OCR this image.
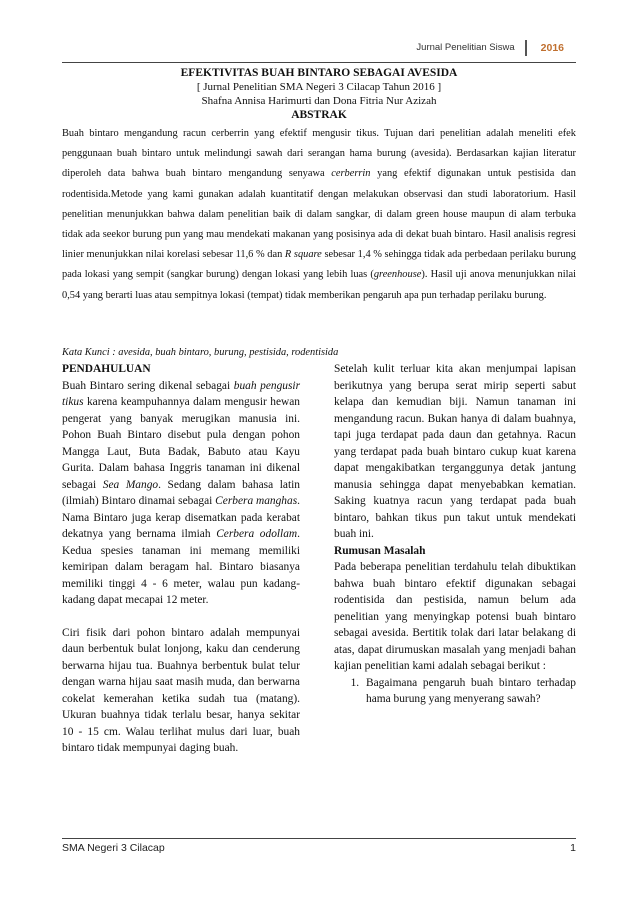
Jurnal Penelitian Siswa	2016
EFEKTIVITAS BUAH BINTARO SEBAGAI AVESIDA
[ Jurnal Penelitian SMA Negeri 3 Cilacap Tahun 2016 ]
Shafna Annisa Harimurti dan Dona Fitria Nur Azizah
ABSTRAK
Buah bintaro mengandung racun cerberrin yang efektif mengusir tikus. Tujuan dari penelitian adalah meneliti efek penggunaan buah bintaro untuk melindungi sawah dari serangan hama burung (avesida). Berdasarkan kajian literatur diperoleh data bahwa buah bintaro mengandung senyawa cerberrin yang efektif digunakan untuk pestisida dan rodentisida.Metode yang kami gunakan adalah kuantitatif dengan melakukan observasi dan studi laboratorium. Hasil penelitian menunjukkan bahwa dalam penelitian baik di dalam sangkar, di dalam green house maupun di alam terbuka tidak ada seekor burung pun yang mau mendekati makanan yang posisinya ada di dekat buah bintaro. Hasil analisis regresi linier menunjukkan nilai korelasi sebesar 11,6 % dan R square sebesar 1,4 % sehingga tidak ada perbedaan perilaku burung pada lokasi yang sempit (sangkar burung) dengan lokasi yang lebih luas (greenhouse). Hasil uji anova menunjukkan nilai 0,54 yang berarti luas atau sempitnya lokasi (tempat) tidak memberikan pengaruh apa pun terhadap perilaku burung.
Kata Kunci : avesida, buah bintaro, burung, pestisida, rodentisida
PENDAHULUAN

Buah Bintaro sering dikenal sebagai buah pengusir tikus karena keampuhannya dalam mengusir hewan pengerat yang banyak merugikan manusia ini. Pohon Buah Bintaro disebut pula dengan pohon Mangga Laut, Buta Badak, Babuto atau Kayu Gurita. Dalam bahasa Inggris tanaman ini dikenal sebagai Sea Mango. Sedang dalam bahasa latin (ilmiah) Bintaro dinamai sebagai Cerbera manghas. Nama Bintaro juga kerap disematkan pada kerabat dekatnya yang bernama ilmiah Cerbera odollam. Kedua spesies tanaman ini memang memiliki kemiripan dalam beragam hal. Bintaro biasanya memiliki tinggi 4 - 6 meter, walau pun kadang-kadang dapat mecapai 12 meter.

Ciri fisik dari pohon bintaro adalah mempunyai daun berbentuk bulat lonjong, kaku dan cenderung berwarna hijau tua. Buahnya berbentuk bulat telur dengan warna hijau saat masih muda, dan berwarna cokelat kemerahan ketika sudah tua (matang). Ukuran buahnya tidak terlalu besar, hanya sekitar 10 - 15 cm. Walau terlihat mulus dari luar, buah bintaro tidak mempunyai daging buah.

Setelah kulit terluar kita akan menjumpai lapisan berikutnya yang berupa serat mirip seperti sabut kelapa dan kemudian biji. Namun tanaman ini mengandung racun. Bukan hanya di dalam buahnya, tapi juga terdapat pada daun dan getahnya. Racun yang terdapat pada buah bintaro cukup kuat karena dapat mengakibatkan terganggunya detak jantung manusia sehingga dapat menyebabkan kematian. Saking kuatnya racun yang terdapat pada buah bintaro, bahkan tikus pun takut untuk mendekati buah ini.

Rumusan Masalah

Pada beberapa penelitian terdahulu telah dibuktikan bahwa buah bintaro efektif digunakan sebagai rodentisida dan pestisida, namun belum ada penelitian yang menyingkap potensi buah bintaro sebagai avesida. Bertitik tolak dari latar belakang di atas, dapat dirumuskan masalah yang menjadi bahan kajian penelitian kami adalah sebagai berikut :

1. Bagaimana pengaruh buah bintaro terhadap hama burung yang menyerang sawah?
SMA Negeri 3 Cilacap	1
